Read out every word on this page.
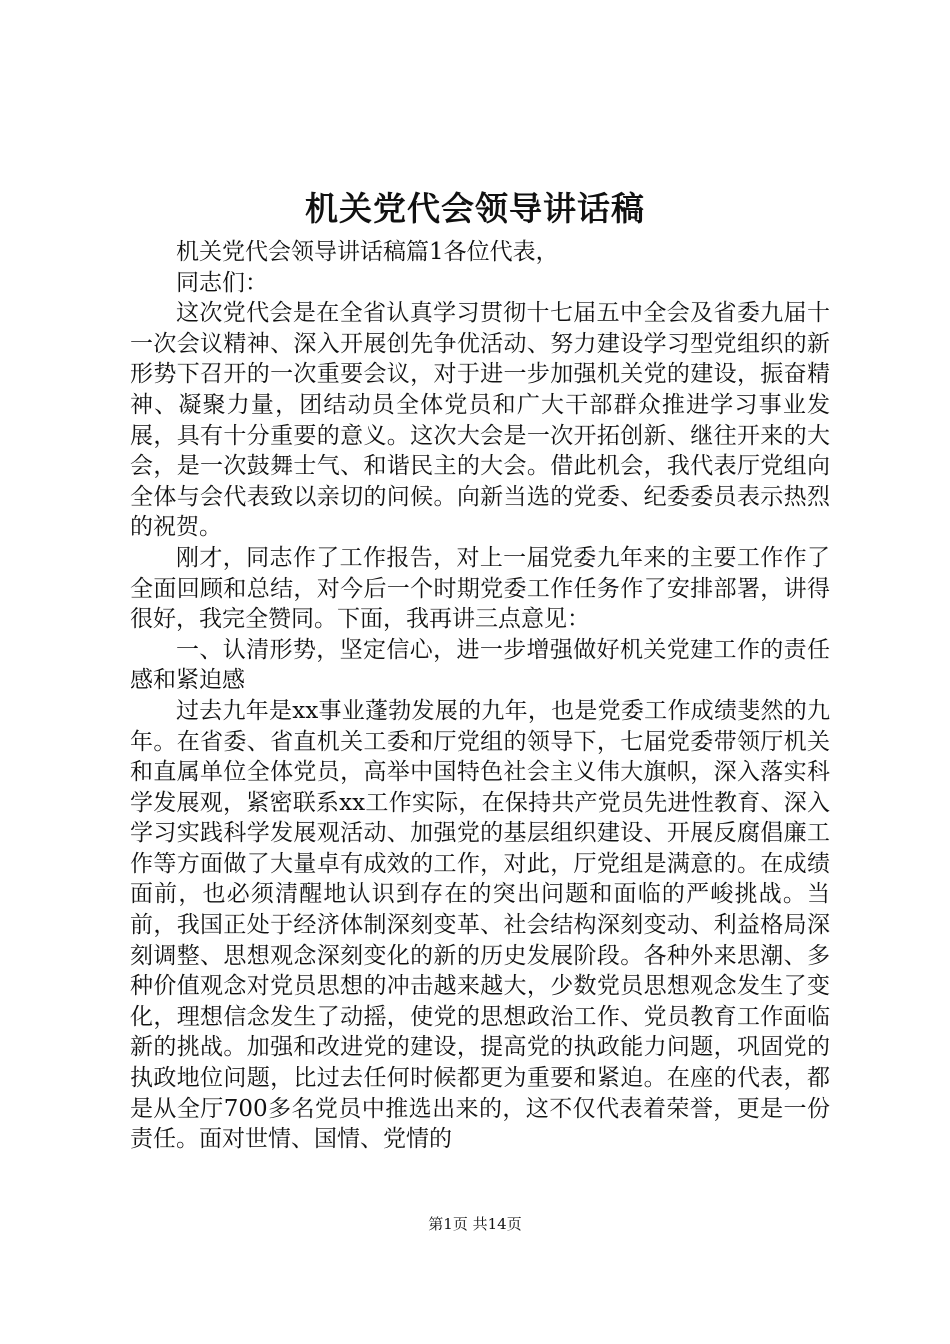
机关党代会领导讲话稿

机关党代会领导讲话稿篇1各位代表，

同志们：

这次党代会是在全省认真学习贯彻十七届五中全会及省委九届十一次会议精神、深入开展创先争优活动、努力建设学习型党组织的新形势下召开的一次重要会议，对于进一步加强机关党的建设，振奋精神、凝聚力量，团结动员全体党员和广大干部群众推进学习事业发展，具有十分重要的意义。这次大会是一次开拓创新、继往开来的大会，是一次鼓舞士气、和谐民主的大会。借此机会，我代表厅党组向全体与会代表致以亲切的问候。向新当选的党委、纪委委员表示热烈的祝贺。

刚才，同志作了工作报告，对上一届党委九年来的主要工作作了全面回顾和总结，对今后一个时期党委工作任务作了安排部署，讲得很好，我完全赞同。下面，我再讲三点意见：

一、认清形势，坚定信心，进一步增强做好机关党建工作的责任感和紧迫感

过去九年是xx事业蓬勃发展的九年，也是党委工作成绩斐然的九年。在省委、省直机关工委和厅党组的领导下，七届党委带领厅机关和直属单位全体党员，高举中国特色社会主义伟大旗帜，深入落实科学发展观，紧密联系xx工作实际，在保持共产党员先进性教育、深入学习实践科学发展观活动、加强党的基层组织建设、开展反腐倡廉工作等方面做了大量卓有成效的工作，对此，厅党组是满意的。在成绩面前，也必须清醒地认识到存在的突出问题和面临的严峻挑战。当前，我国正处于经济体制深刻变革、社会结构深刻变动、利益格局深刻调整、思想观念深刻变化的新的历史发展阶段。各种外来思潮、多种价值观念对党员思想的冲击越来越大，少数党员思想观念发生了变化，理想信念发生了动摇，使党的思想政治工作、党员教育工作面临新的挑战。加强和改进党的建设，提高党的执政能力问题，巩固党的执政地位问题，比过去任何时候都更为重要和紧迫。在座的代表，都是从全厅700多名党员中推选出来的，这不仅代表着荣誉，更是一份责任。面对世情、国情、党情的

第1页 共14页
